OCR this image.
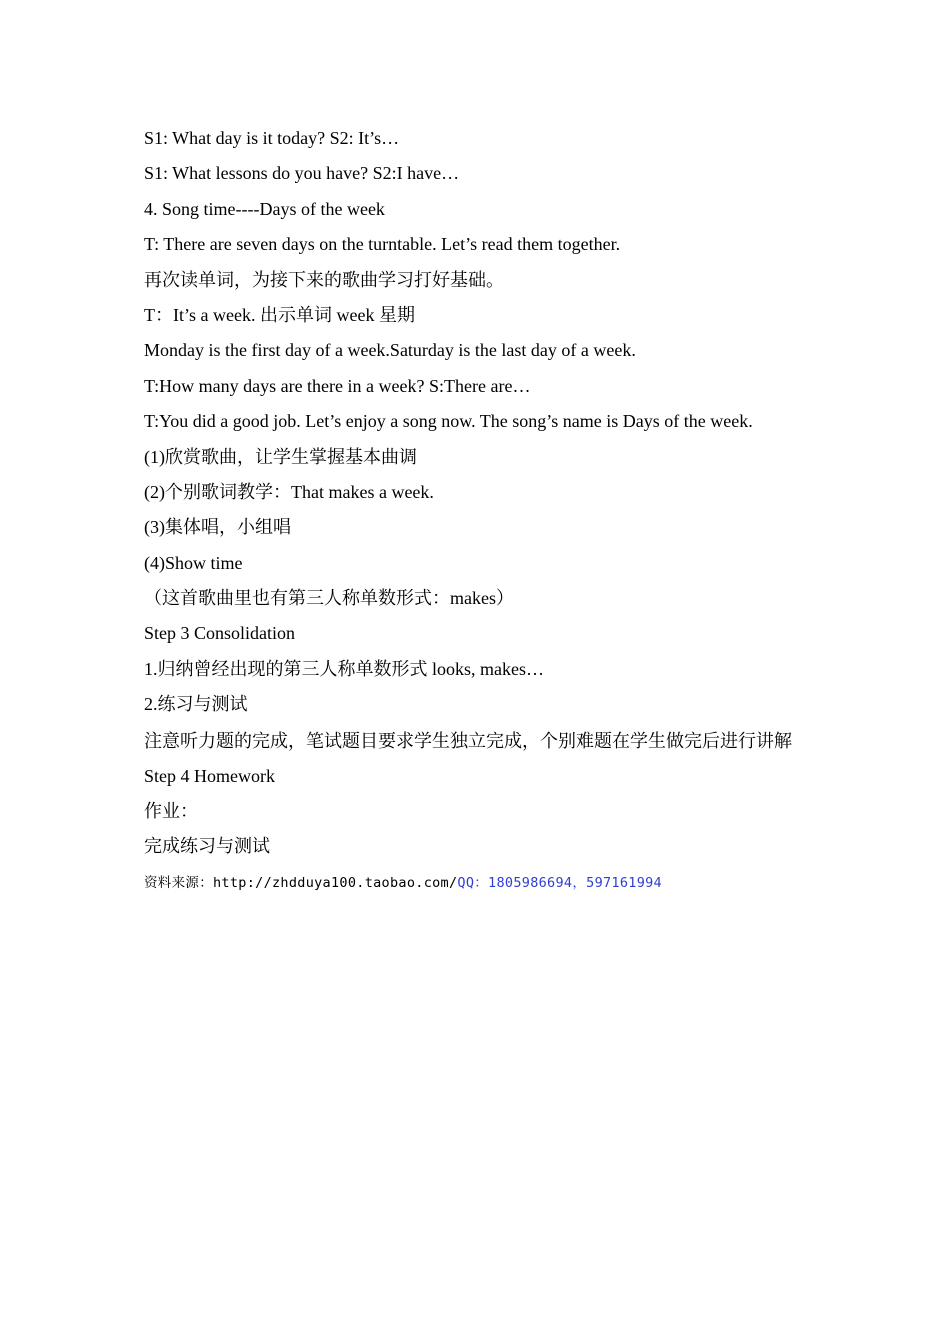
S1: What day is it today? S2: It’s…
S1: What lessons do you have? S2:I have…
4. Song time----Days of the week
T: There are seven days on the turntable. Let’s read them together.
再次读单词，为接下来的歌曲学习打好基础。
T：It’s a week. 出示单词 week 星期
Monday is the first day of a week.Saturday is the last day of a week.
T:How many days are there in a week? S:There are…
T:You did a good job. Let’s enjoy a song now. The song’s name is Days of the week.
(1)欣赏歌曲，让学生掌握基本曲调
(2)个别歌词教学：That makes a week.
(3)集体唱，小组唱
(4)Show time
（这首歌曲里也有第三人称单数形式：makes）
Step 3 Consolidation
1.归纳曾经出现的第三人称单数形式 looks, makes…
2.练习与测试
注意听力题的完成，笔试题目要求学生独立完成，个别难题在学生做完后进行讲解
Step 4 Homework
作业：
完成练习与测试
资料来源：http://zhdduya100.taobao.com/QQ：1805986694，597161994
